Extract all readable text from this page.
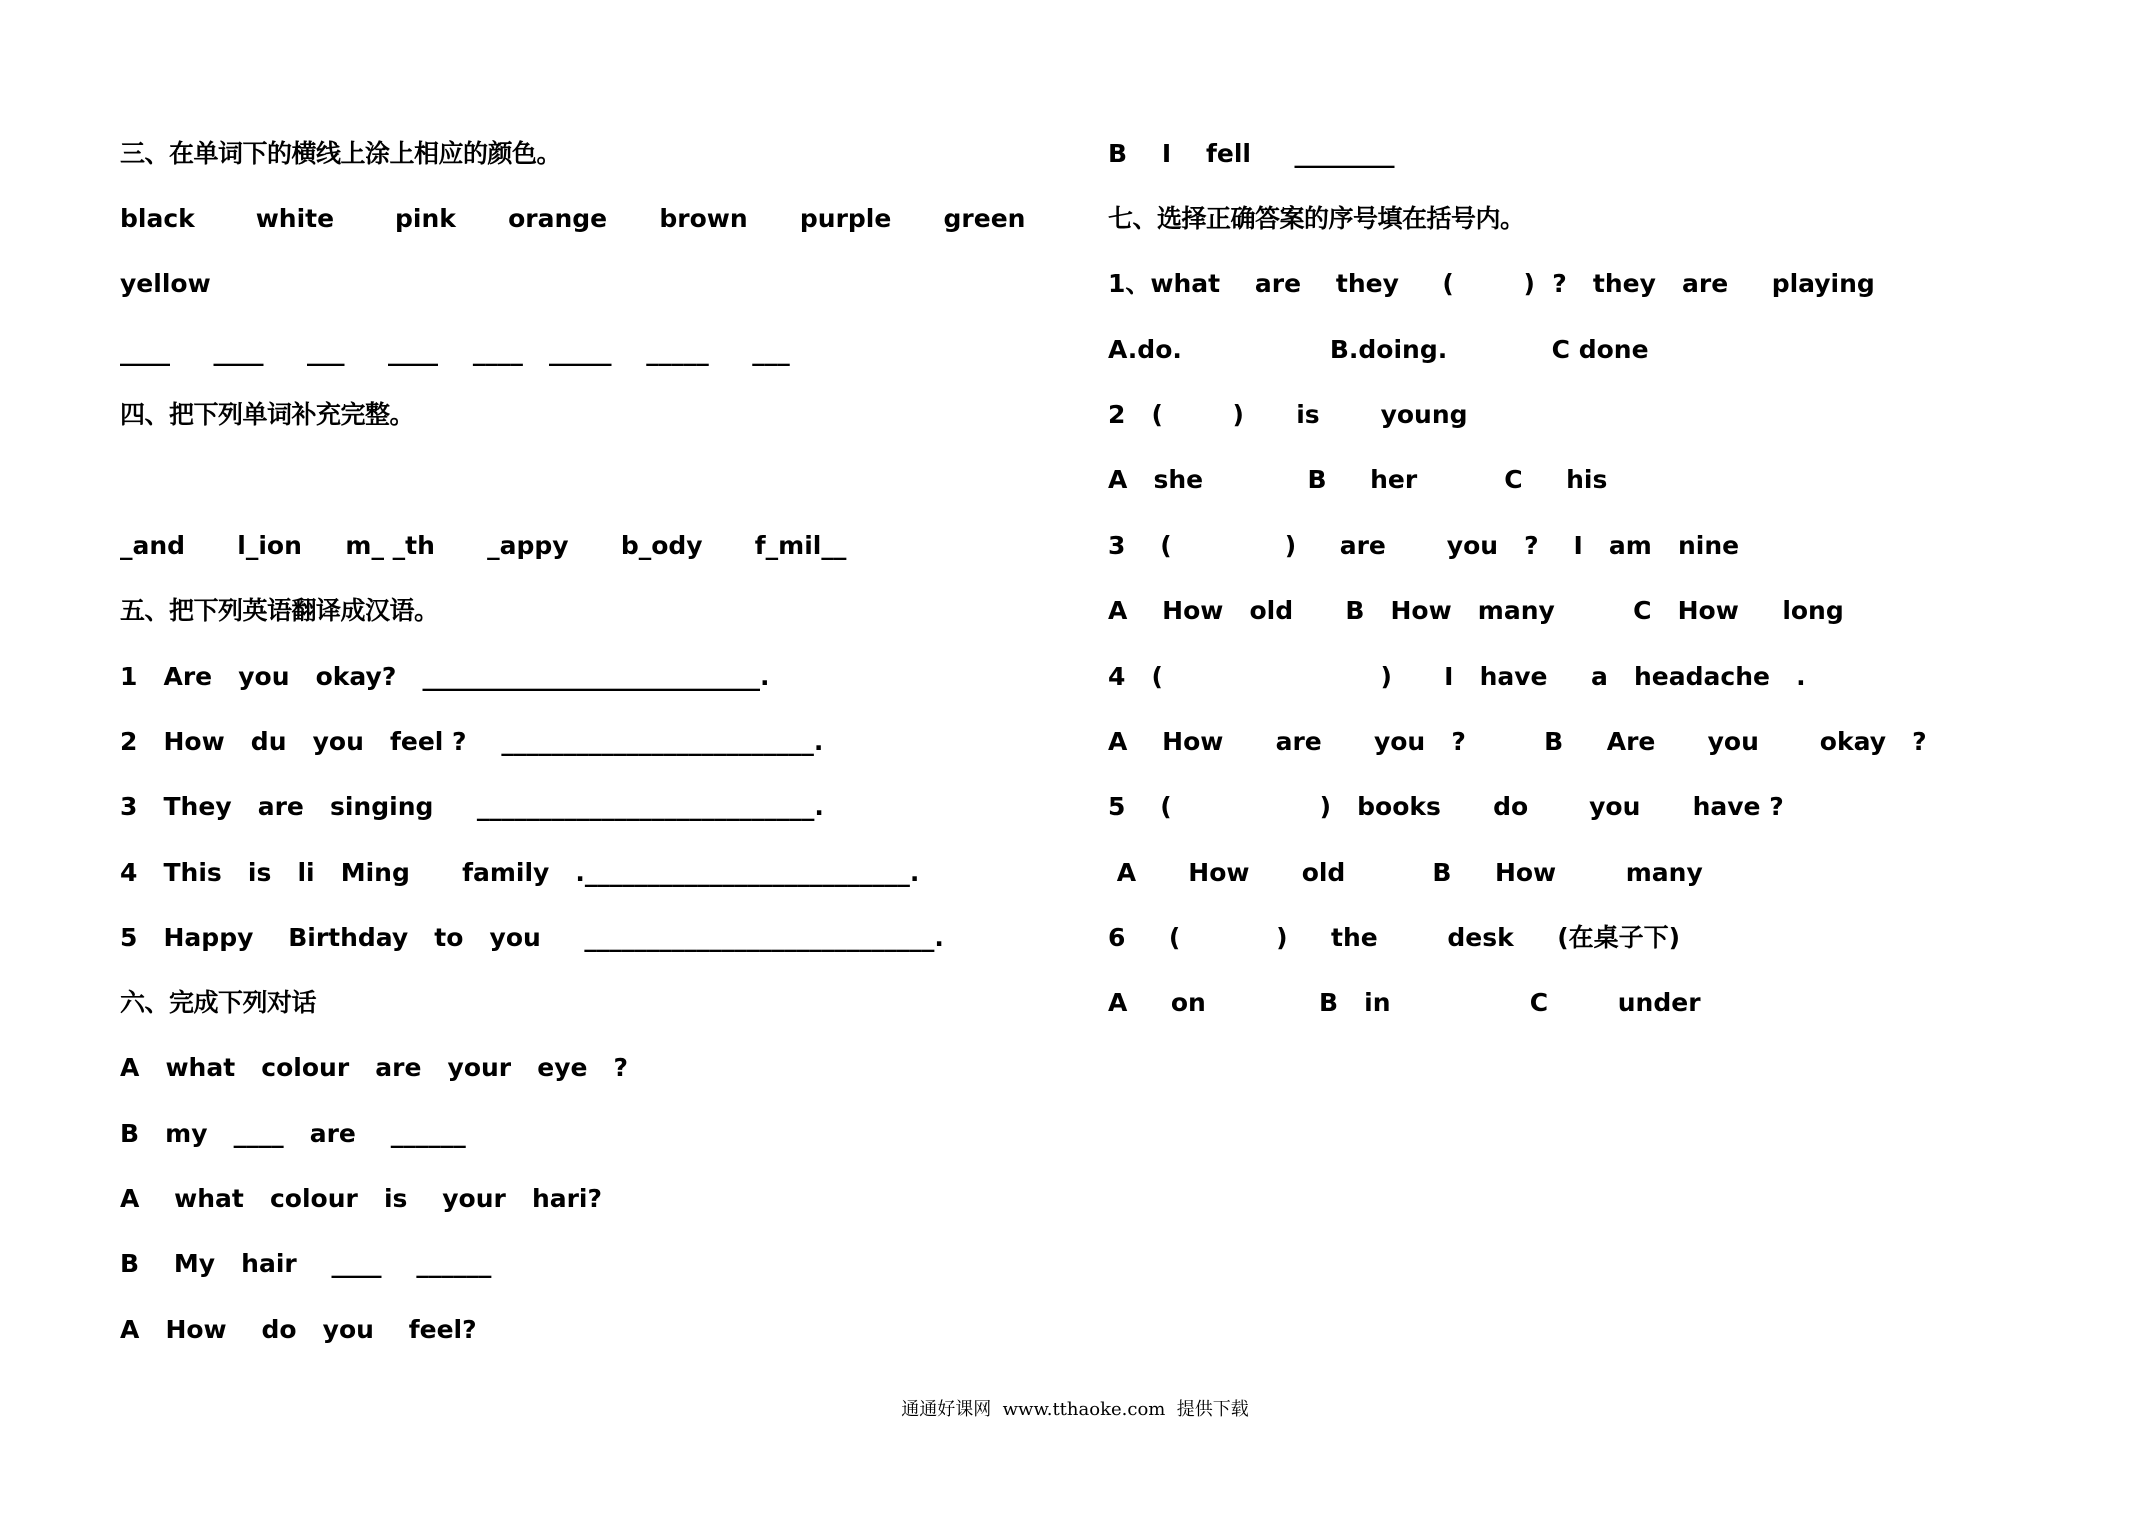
三、在单词下的横线上涂上相应的颜色。
black       white       pink      orange      brown      purple      green
yellow
____     ____     ___     ____    ____   _____    _____     ___
四、把下列单词补充完整。
_and      l_ion     m_ _th      _appy      b_ody      f_mil__
五、把下列英语翻译成汉语。
1   Are   you   okay?   ___________________________.
2   How   du   you   feel ?    _________________________.
3   They   are   singing     ___________________________.
4   This   is   li   Ming      family   .__________________________.
5   Happy    Birthday   to   you     ____________________________.
六、完成下列对话
A   what   colour   are   your   eye   ?
B   my   ____   are    ______
A    what   colour   is    your   hari?
B    My   hair    ____    ______
A   How    do   you    feel?
B    I    fell     ________
七、选择正确答案的序号填在括号内。
1、what    are    they     (        )  ?   they   are     playing
A.do.                 B.doing.            C done
2   (        )      is       young
A   she            B     her          C     his
3    (             )     are       you   ?    I   am   nine
A    How   old      B   How   many         C   How     long
4   (                         )      I   have     a   headache   .
A    How      are      you   ?         B     Are      you       okay   ?
5    (                 )   books      do       you      have ?
A      How      old          B     How        many
6     (           )     the        desk     (在桌子下)
A     on             B   in                C        under
通通好课网  www.tthaoke.com  提供下载
